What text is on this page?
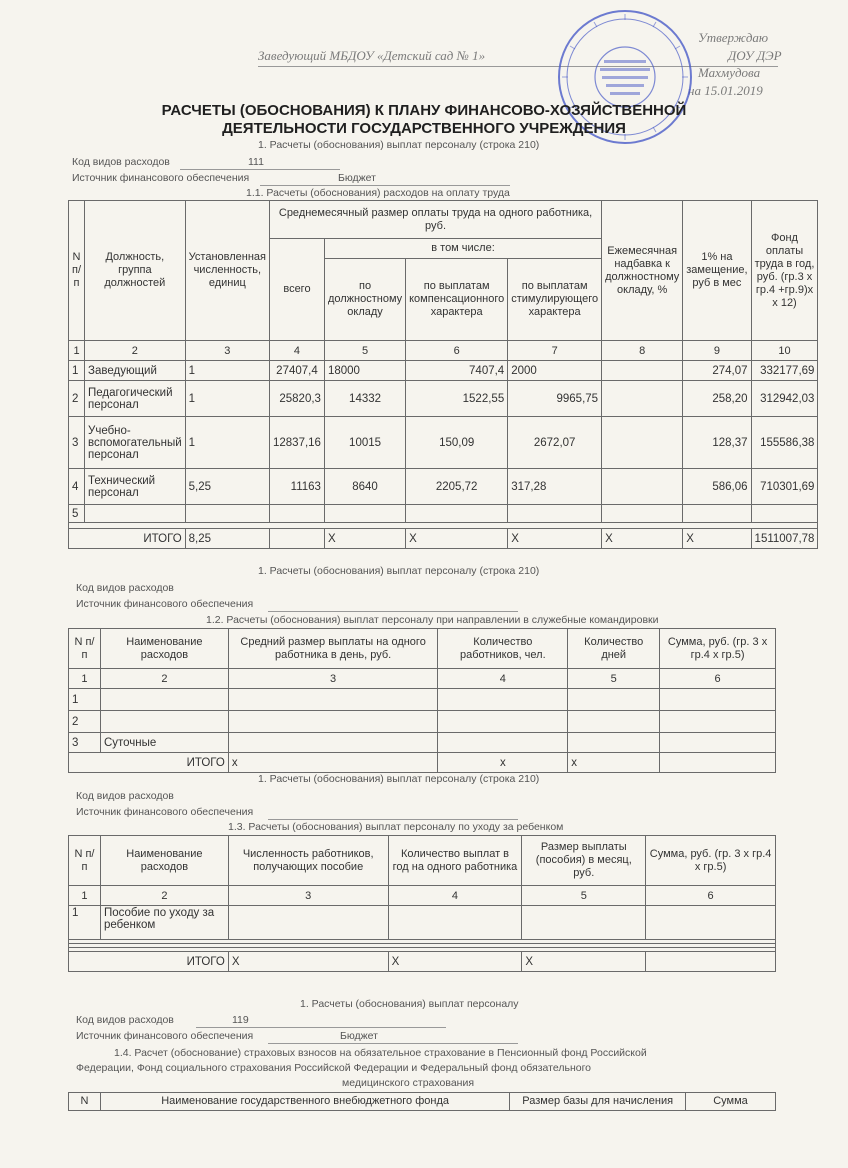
Утверждаю
Заведующий МБДОУ «Детский сад № 1»	ДОУ ДЭР
Махмудова
на 15.01.2019
РАСЧЕТЫ (ОБОСНОВАНИЯ) К ПЛАНУ ФИНАНСОВО-ХОЗЯЙСТВЕННОЙ
ДЕЯТЕЛЬНОСТИ ГОСУДАРСТВЕННОГО УЧРЕЖДЕНИЯ
1. Расчеты (обоснования) выплат персоналу (строка 210)
Код видов расходов	111
Источник финансового обеспечения	Бюджет
1.1. Расчеты (обоснования) расходов на оплату труда
N п/п	Должность, группа должностей	Установленная численность, единиц	Среднемесячный размер оплаты труда на одного работника, руб.				Ежемесячная надбавка к должностному окладу, %	1% на замещение, руб в мес	Фонд оплаты труда в год, руб. (гр.3 х гр.4 +гр.9)х х 12)
			всего	в том числе:					
				по должностному окладу	по выплатам компенсационного характера	по выплатам стимулирующего характера			
1	2	3	4	5	6	7	8	9	10
1	Заведующий	1	27407,4	18000	7407,4	2000		274,07	332177,69
2	Педагогический персонал	1	25820,3	14332	1522,55	9965,75		258,20	312942,03
3	Учебно-вспомогательный персонал	1	12837,16	10015	150,09	2672,07		128,37	155586,38
4	Технический персонал	5,25	11163	8640	2205,72	317,28		586,06	710301,69
5									

ИТОГО		8,25		X	X	X	X	X	1511007,78
1. Расчеты (обоснования) выплат персоналу (строка 210)
Код видов расходов
Источник финансового обеспечения
1.2. Расчеты (обоснования) выплат персоналу при направлении в служебные командировки
N п/п	Наименование расходов	Средний размер выплаты на одного работника в день, руб.	Количество работников, чел.	Количество дней	Сумма, руб. (гр. 3 х гр.4 х гр.5)
1	2	3	4	5	6
1					
2					
3	Суточные				
ИТОГО		х	х	х	
1. Расчеты (обоснования) выплат персоналу (строка 210)
Код видов расходов
Источник финансового обеспечения
1.3. Расчеты (обоснования) выплат персоналу по уходу за ребенком
N п/п	Наименование расходов	Численность работников, получающих пособие	Количество выплат в год на одного работника	Размер выплаты (пособия) в месяц, руб.	Сумма, руб. (гр. 3 х гр.4 х гр.5)
1	2	3	4	5	6
1	Пособие по уходу за ребенком				

ИТОГО		X	X	X	
1. Расчеты (обоснования) выплат персоналу
Код видов расходов	119
Источник финансового обеспечения	Бюджет
1.4. Расчет (обоснование) страховых взносов на обязательное страхование в Пенсионный фонд Российской
Федерации, Фонд социального страхования Российской Федерации и Федеральный фонд обязательного
медицинского страхования
N	Наименование государственного внебюджетного фонда	Размер базы для начисления	Сумма
